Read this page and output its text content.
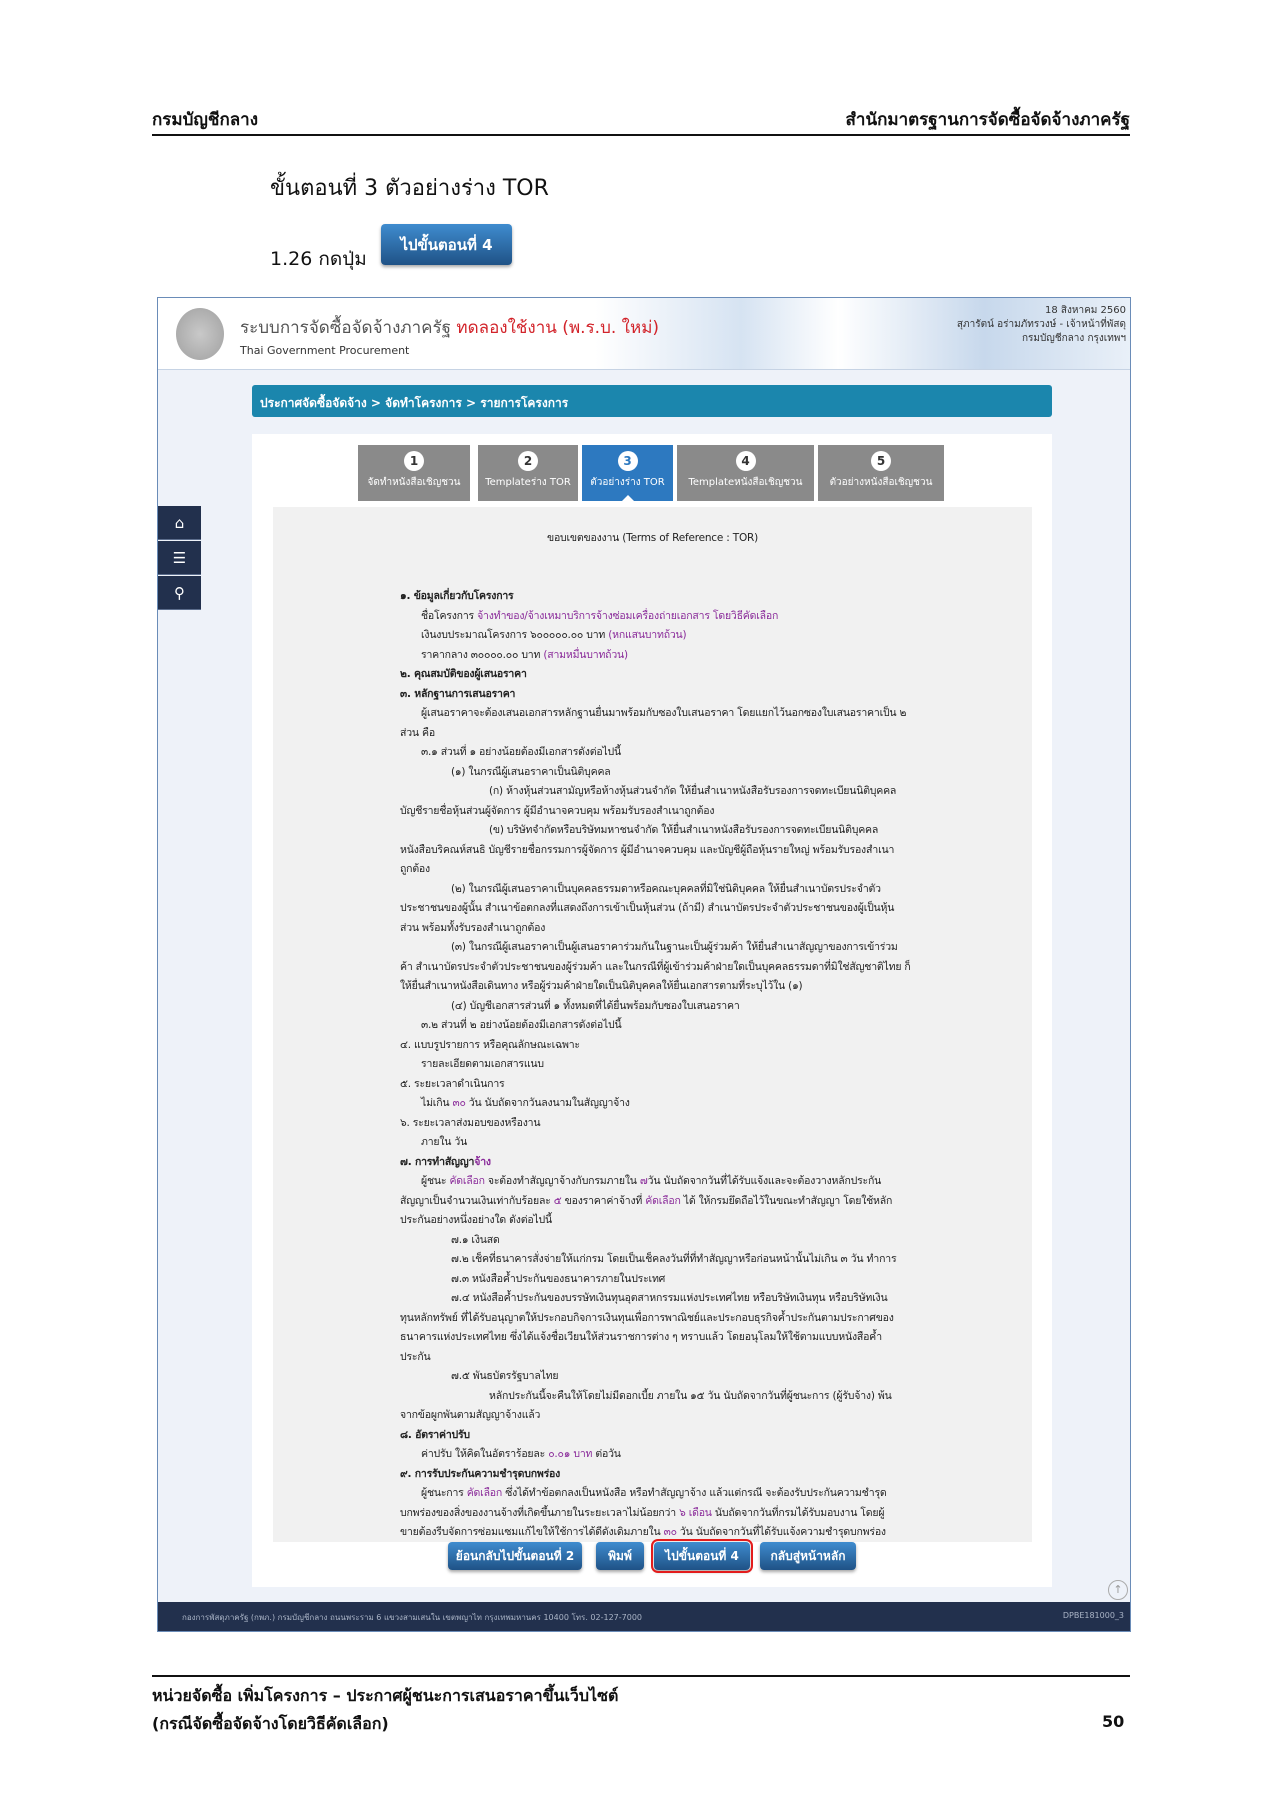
กรมบัญชีกลาง	สำนักมาตรฐานการจัดซื้อจัดจ้างภาครัฐ
ขั้นตอนที่ 3 ตัวอย่างร่าง TOR
1.26 กดปุ่ม
ไปขั้นตอนที่ 4
ระบบการจัดซื้อจัดจ้างภาครัฐ ทดลองใช้งาน (พ.ร.บ. ใหม่)
Thai Government Procurement
18 สิงหาคม 2560
สุภารัตน์ อร่ามภัทรวงษ์ - เจ้าหน้าที่พัสดุ
กรมบัญชีกลาง กรุงเทพฯ
⌂
☰
⚲
ประกาศจัดซื้อจัดจ้าง > จัดทำโครงการ > รายการโครงการ
1
จัดทำหนังสือเชิญชวน
2
Templateร่าง TOR
3
ตัวอย่างร่าง TOR
4
Templateหนังสือเชิญชวน
5
ตัวอย่างหนังสือเชิญชวน
ขอบเขตของงาน (Terms of Reference : TOR)
๑. ข้อมูลเกี่ยวกับโครงการ
ชื่อโครงการ จ้างทำของ/จ้างเหมาบริการจ้างซ่อมเครื่องถ่ายเอกสาร โดยวิธีคัดเลือก
เงินงบประมาณโครงการ ๖๐๐๐๐๐.๐๐ บาท (หกแสนบาทถ้วน)
ราคากลาง ๓๐๐๐๐.๐๐ บาท (สามหมื่นบาทถ้วน)
๒. คุณสมบัติของผู้เสนอราคา
๓. หลักฐานการเสนอราคา
ผู้เสนอราคาจะต้องเสนอเอกสารหลักฐานยื่นมาพร้อมกับซองใบเสนอราคา โดยแยกไว้นอกซองใบเสนอราคาเป็น ๒
ส่วน คือ
๓.๑ ส่วนที่ ๑ อย่างน้อยต้องมีเอกสารดังต่อไปนี้
(๑) ในกรณีผู้เสนอราคาเป็นนิติบุคคล
(ก) ห้างหุ้นส่วนสามัญหรือห้างหุ้นส่วนจำกัด ให้ยื่นสำเนาหนังสือรับรองการจดทะเบียนนิติบุคคล
บัญชีรายชื่อหุ้นส่วนผู้จัดการ ผู้มีอำนาจควบคุม พร้อมรับรองสำเนาถูกต้อง
(ข) บริษัทจำกัดหรือบริษัทมหาชนจำกัด ให้ยื่นสำเนาหนังสือรับรองการจดทะเบียนนิติบุคคล
หนังสือบริคณห์สนธิ บัญชีรายชื่อกรรมการผู้จัดการ ผู้มีอำนาจควบคุม และบัญชีผู้ถือหุ้นรายใหญ่ พร้อมรับรองสำเนา
ถูกต้อง
(๒) ในกรณีผู้เสนอราคาเป็นบุคคลธรรมดาหรือคณะบุคคลที่มิใช่นิติบุคคล ให้ยื่นสำเนาบัตรประจำตัว
ประชาชนของผู้นั้น สำเนาข้อตกลงที่แสดงถึงการเข้าเป็นหุ้นส่วน (ถ้ามี) สำเนาบัตรประจำตัวประชาชนของผู้เป็นหุ้น
ส่วน พร้อมทั้งรับรองสำเนาถูกต้อง
(๓) ในกรณีผู้เสนอราคาเป็นผู้เสนอราคาร่วมกันในฐานะเป็นผู้ร่วมค้า ให้ยื่นสำเนาสัญญาของการเข้าร่วม
ค้า สำเนาบัตรประจำตัวประชาชนของผู้ร่วมค้า และในกรณีที่ผู้เข้าร่วมค้าฝ่ายใดเป็นบุคคลธรรมดาที่มิใช่สัญชาติไทย ก็
ให้ยื่นสำเนาหนังสือเดินทาง หรือผู้ร่วมค้าฝ่ายใดเป็นนิติบุคคลให้ยื่นเอกสารตามที่ระบุไว้ใน (๑)
(๔) บัญชีเอกสารส่วนที่ ๑ ทั้งหมดที่ได้ยื่นพร้อมกับซองใบเสนอราคา
๓.๒ ส่วนที่ ๒ อย่างน้อยต้องมีเอกสารดังต่อไปนี้
๔. แบบรูปรายการ หรือคุณลักษณะเฉพาะ
รายละเอียดตามเอกสารแนบ
๕. ระยะเวลาดำเนินการ
ไม่เกิน ๓๐ วัน นับถัดจากวันลงนามในสัญญาจ้าง
๖. ระยะเวลาส่งมอบของหรืองาน
ภายใน วัน
๗. การทำสัญญาจ้าง
ผู้ชนะ คัดเลือก จะต้องทำสัญญาจ้างกับกรมภายใน ๗วัน นับถัดจากวันที่ได้รับแจ้งและจะต้องวางหลักประกัน
สัญญาเป็นจำนวนเงินเท่ากับร้อยละ ๕ ของราคาค่าจ้างที่ คัดเลือก ได้ ให้กรมยึดถือไว้ในขณะทำสัญญา โดยใช้หลัก
ประกันอย่างหนึ่งอย่างใด ดังต่อไปนี้
๗.๑ เงินสด
๗.๒ เช็คที่ธนาคารสั่งจ่ายให้แก่กรม โดยเป็นเช็คลงวันที่ที่ทำสัญญาหรือก่อนหน้านั้นไม่เกิน ๓ วัน ทำการ
๗.๓ หนังสือค้ำประกันของธนาคารภายในประเทศ
๗.๔ หนังสือค้ำประกันของบรรษัทเงินทุนอุตสาหกรรมแห่งประเทศไทย หรือบริษัทเงินทุน หรือบริษัทเงิน
ทุนหลักทรัพย์ ที่ได้รับอนุญาตให้ประกอบกิจการเงินทุนเพื่อการพาณิชย์และประกอบธุรกิจค้ำประกันตามประกาศของ
ธนาคารแห่งประเทศไทย ซึ่งได้แจ้งชื่อเวียนให้ส่วนราชการต่าง ๆ ทราบแล้ว โดยอนุโลมให้ใช้ตามแบบหนังสือค้ำ
ประกัน
๗.๕ พันธบัตรรัฐบาลไทย
หลักประกันนี้จะคืนให้โดยไม่มีดอกเบี้ย ภายใน ๑๕ วัน นับถัดจากวันที่ผู้ชนะการ (ผู้รับจ้าง) พ้น
จากข้อผูกพันตามสัญญาจ้างแล้ว
๘. อัตราค่าปรับ
ค่าปรับ ให้คิดในอัตราร้อยละ ๐.๐๑ บาท ต่อวัน
๙. การรับประกันความชำรุดบกพร่อง
ผู้ชนะการ คัดเลือก ซึ่งได้ทำข้อตกลงเป็นหนังสือ หรือทำสัญญาจ้าง แล้วแต่กรณี จะต้องรับประกันความชำรุด
บกพร่องของสิ่งของงานจ้างที่เกิดขึ้นภายในระยะเวลาไม่น้อยกว่า ๖ เดือน นับถัดจากวันที่กรมได้รับมอบงาน โดยผู้
ขายต้องรีบจัดการซ่อมแซมแก้ไขให้ใช้การได้ดีดังเดิมภายใน ๓๐ วัน นับถัดจากวันที่ได้รับแจ้งความชำรุดบกพร่อง
ย้อนกลับไปขั้นตอนที่ 2	พิมพ์	ไปขั้นตอนที่ 4	กลับสู่หน้าหลัก
↑
กองการพัสดุภาครัฐ (กพภ.) กรมบัญชีกลาง ถนนพระราม 6 แขวงสามเสนใน เขตพญาไท กรุงเทพมหานคร 10400 โทร. 02-127-7000	DPBE181000_3
หน่วยจัดซื้อ เพิ่มโครงการ – ประกาศผู้ชนะการเสนอราคาขึ้นเว็บไซต์
(กรณีจัดซื้อจัดจ้างโดยวิธีคัดเลือก)	50
